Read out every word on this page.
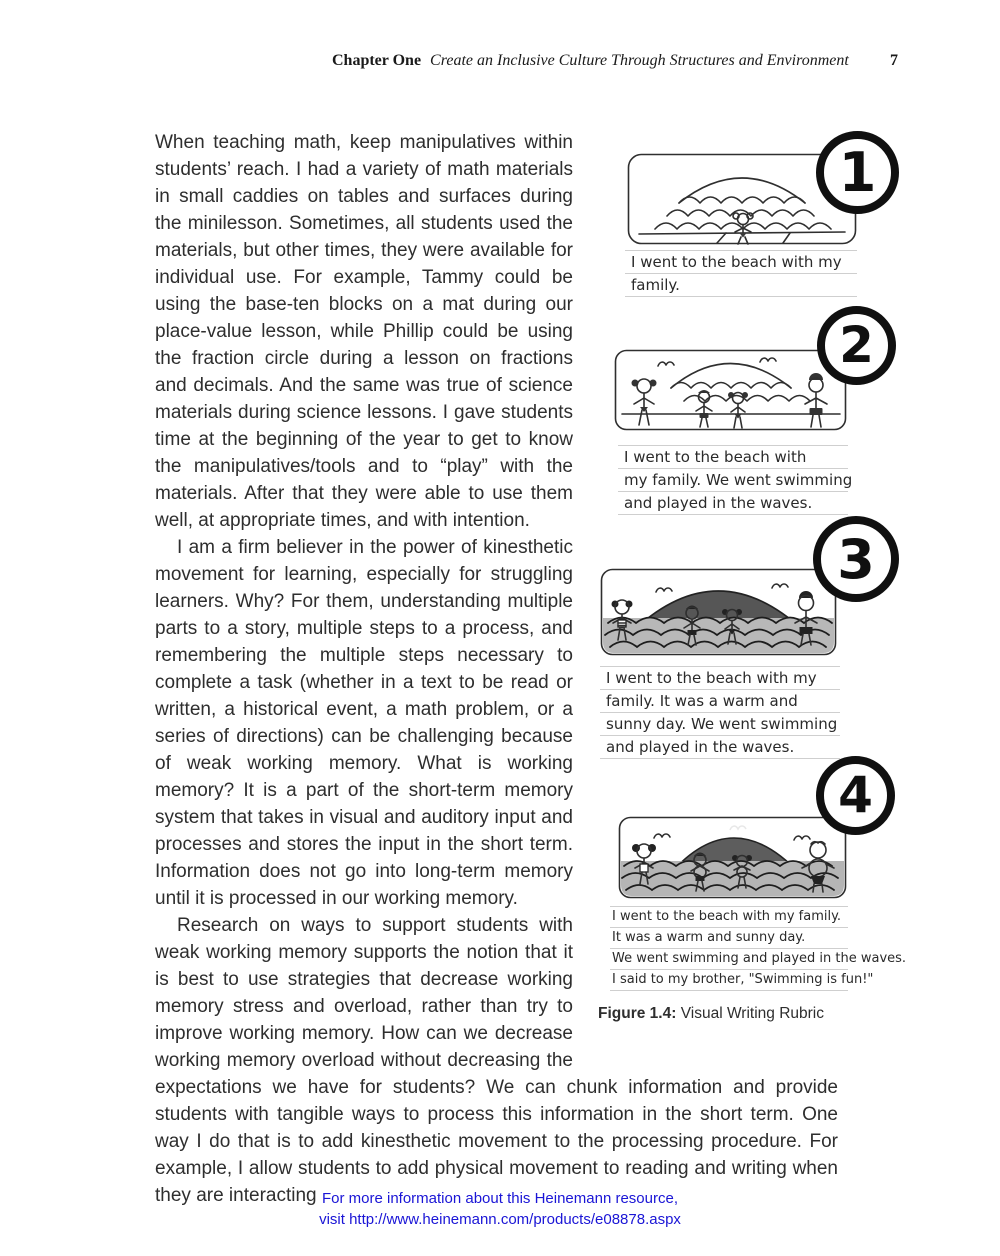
Chapter One Create an Inclusive Culture Through Structures and Environment	7
1
I went to the beach with my
family.
2
I went to the beach with
my family. We went swimming
and played in the waves.
3
I went to the beach with my
family. It was a warm and
sunny day. We went swimming
and played in the waves.
4
I went to the beach with my family.
It was a warm and sunny day.
We went swimming and played in the waves.
I said to my brother, "Swimming is fun!"
Figure 1.4: Visual Writing Rubric

When teaching math, keep manipulatives within students’ reach. I had a variety of math materials in small caddies on tables and surfaces during the minilesson. Sometimes, all students used the materials, but other times, they were available for individual use. For example, Tammy could be using the base-ten blocks on a mat during our place-value lesson, while Phillip could be using the fraction circle during a lesson on fractions and decimals. And the same was true of science materials during science lessons. I gave students time at the beginning of the year to get to know the manipulatives/tools and to “play” with the materials. After that they were able to use them well, at appropriate times, and with intention.

I am a firm believer in the power of kinesthetic movement for learning, especially for struggling learners. Why? For them, understanding multiple parts to a story, multiple steps to a process, and remembering the multiple steps necessary to complete a task (whether in a text to be read or written, a historical event, a math problem, or a series of directions) can be challenging because of weak working memory. What is working memory? It is a part of the short-term memory system that takes in visual and auditory input and processes and stores the input in the short term. Information does not go into long-term memory until it is processed in our working memory.

Research on ways to support students with weak working memory supports the notion that it is best to use strategies that decrease working memory stress and overload, rather than try to improve working memory. How can we decrease working memory overload without decreasing the expectations we have for students? We can chunk information and provide students with tangible ways to process this information in the short term. One way I do that is to add kinesthetic movement to the processing procedure. For example, I allow students to add physical movement to reading and writing when they are interacting For more information about this Heinemann resource,
visit http://www.heinemann.com/products/e08878.aspx
